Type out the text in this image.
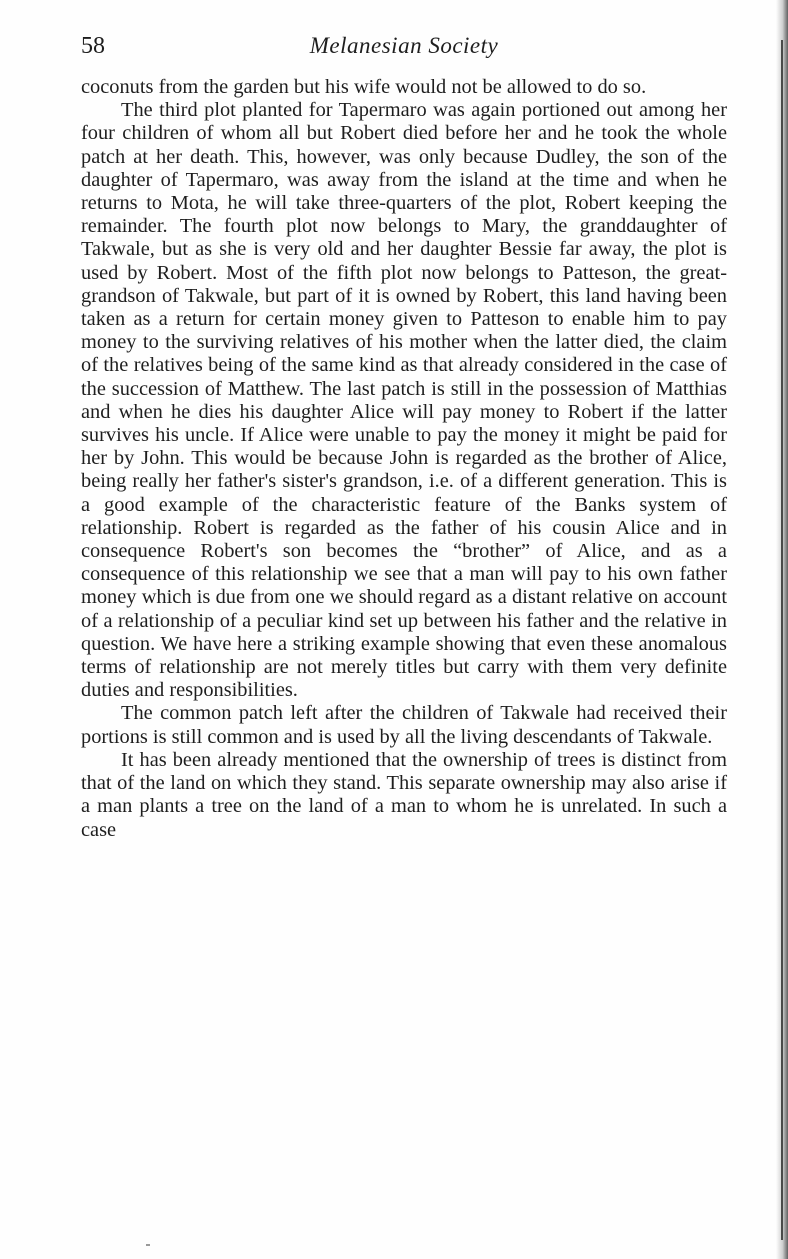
58	Melanesian Society

coconuts from the garden but his wife would not be allowed to do so.

The third plot planted for Tapermaro was again portioned out among her four children of whom all but Robert died before her and he took the whole patch at her death. This, however, was only because Dudley, the son of the daughter of Tapermaro, was away from the island at the time and when he returns to Mota, he will take three-quarters of the plot, Robert keeping the remainder. The fourth plot now belongs to Mary, the granddaughter of Takwale, but as she is very old and her daughter Bessie far away, the plot is used by Robert. Most of the fifth plot now belongs to Patteson, the great-grandson of Takwale, but part of it is owned by Robert, this land having been taken as a return for certain money given to Patteson to enable him to pay money to the surviving relatives of his mother when the latter died, the claim of the relatives being of the same kind as that already considered in the case of the succession of Matthew. The last patch is still in the possession of Matthias and when he dies his daughter Alice will pay money to Robert if the latter survives his uncle. If Alice were unable to pay the money it might be paid for her by John. This would be because John is regarded as the brother of Alice, being really her father's sister's grandson, i.e. of a different generation. This is a good example of the characteristic feature of the Banks system of relationship. Robert is regarded as the father of his cousin Alice and in consequence Robert's son becomes the “brother” of Alice, and as a consequence of this relationship we see that a man will pay to his own father money which is due from one we should regard as a distant relative on account of a relationship of a peculiar kind set up between his father and the relative in question. We have here a striking example showing that even these anomalous terms of relationship are not merely titles but carry with them very definite duties and responsibilities.

The common patch left after the children of Takwale had received their portions is still common and is used by all the living descendants of Takwale.

It has been already mentioned that the ownership of trees is distinct from that of the land on which they stand. This separate ownership may also arise if a man plants a tree on the land of a man to whom he is unrelated. In such a case
